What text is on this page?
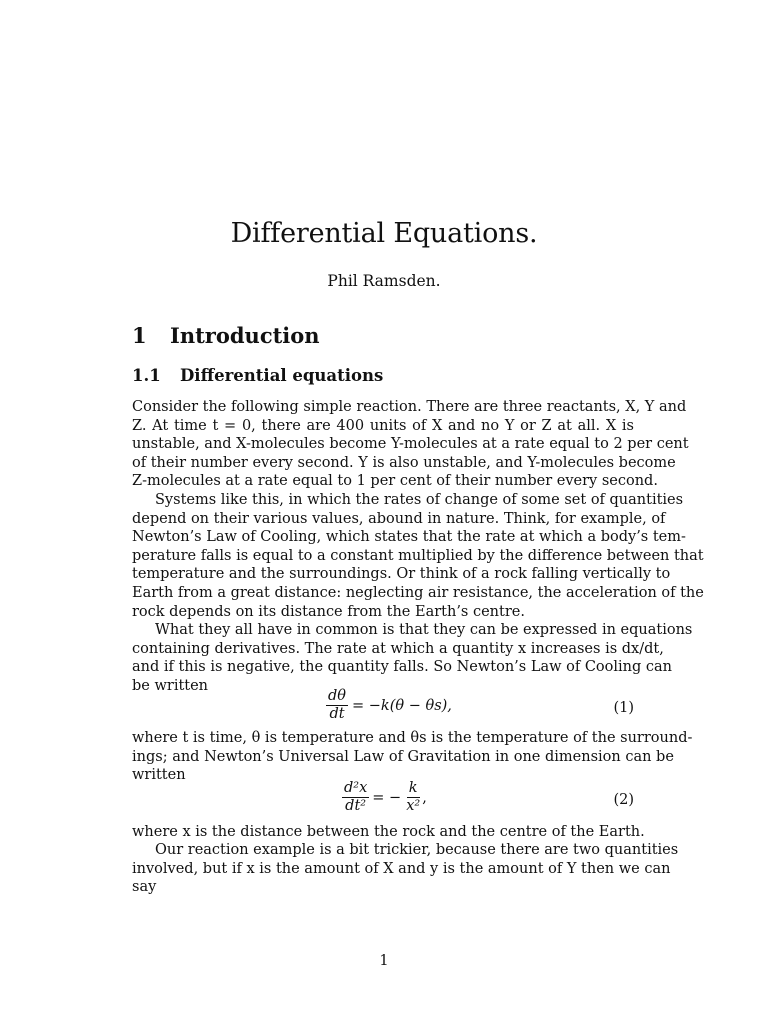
Differential Equations.
Phil Ramsden.
1 Introduction
1.1 Differential equations
Consider the following simple reaction. There are three reactants, X, Y and
Z. At time t = 0, there are 400 units of X and no Y or Z at all. X is
unstable, and X-molecules become Y-molecules at a rate equal to 2 per cent
of their number every second. Y is also unstable, and Y-molecules become
Z-molecules at a rate equal to 1 per cent of their number every second.
Systems like this, in which the rates of change of some set of quantities
depend on their various values, abound in nature. Think, for example, of
Newton’s Law of Cooling, which states that the rate at which a body’s tem-
perature falls is equal to a constant multiplied by the difference between that
temperature and the surroundings. Or think of a rock falling vertically to
Earth from a great distance: neglecting air resistance, the acceleration of the
rock depends on its distance from the Earth’s centre.
What they all have in common is that they can be expressed in equations
containing derivatives. The rate at which a quantity x increases is dx/dt,
and if this is negative, the quantity falls. So Newton’s Law of Cooling can
be written
$\frac{d\theta}{dt} = -k(\theta - \theta s)$,	(1)
where t is time, θ is temperature and θs is the temperature of the surround-
ings; and Newton’s Universal Law of Gravitation in one dimension can be
written
$\frac{\text{d²x}}{\text{dt²}}$ = − $\frac{k}{\text{x²}}$ ,	(2)
where x is the distance between the rock and the centre of the Earth.
Our reaction example is a bit trickier, because there are two quantities
involved, but if x is the amount of X and y is the amount of Y then we can
say
1
